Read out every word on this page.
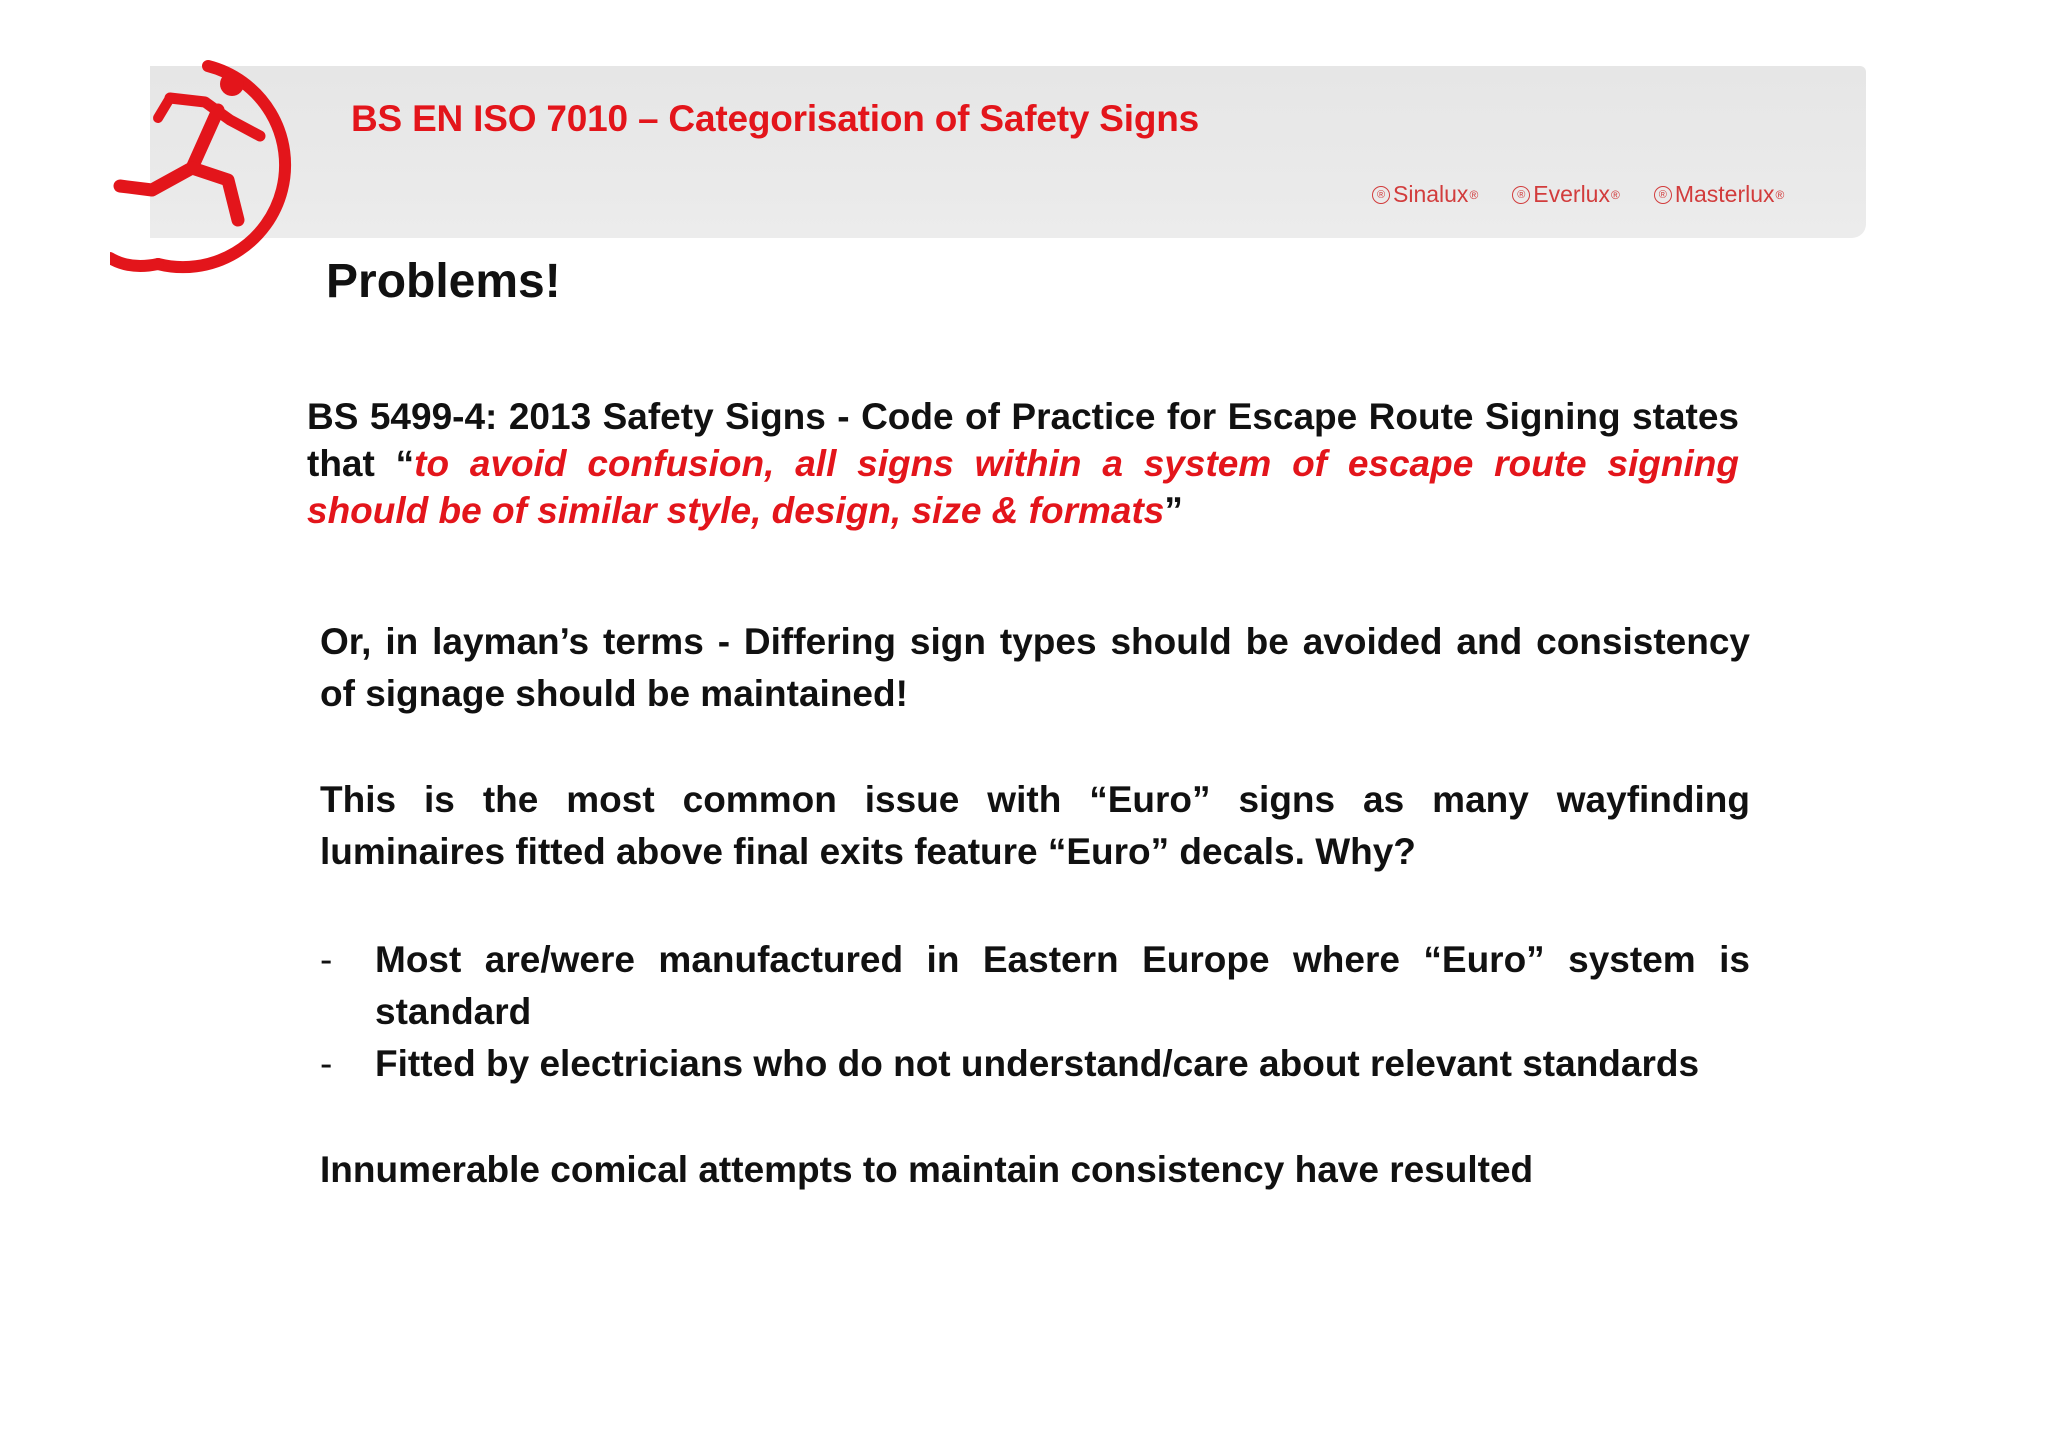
BS EN ISO 7010 – Categorisation of Safety Signs
® Sinalux ®	® Everlux ®	® Masterlux ®
Problems!
BS 5499-4: 2013 Safety Signs - Code of Practice for Escape Route Signing states that “to avoid confusion, all signs within a system of escape route signing should be of similar style, design, size & formats”
Or, in layman’s terms - Differing sign types should be avoided and consistency of signage should be maintained!
This is the most common issue with “Euro” signs as many wayfinding luminaires fitted above final exits feature “Euro” decals. Why?
-	Most are/were manufactured in Eastern Europe where “Euro” system is standard
-	Fitted by electricians who do not understand/care about relevant standards
Innumerable comical attempts to maintain consistency have resulted
